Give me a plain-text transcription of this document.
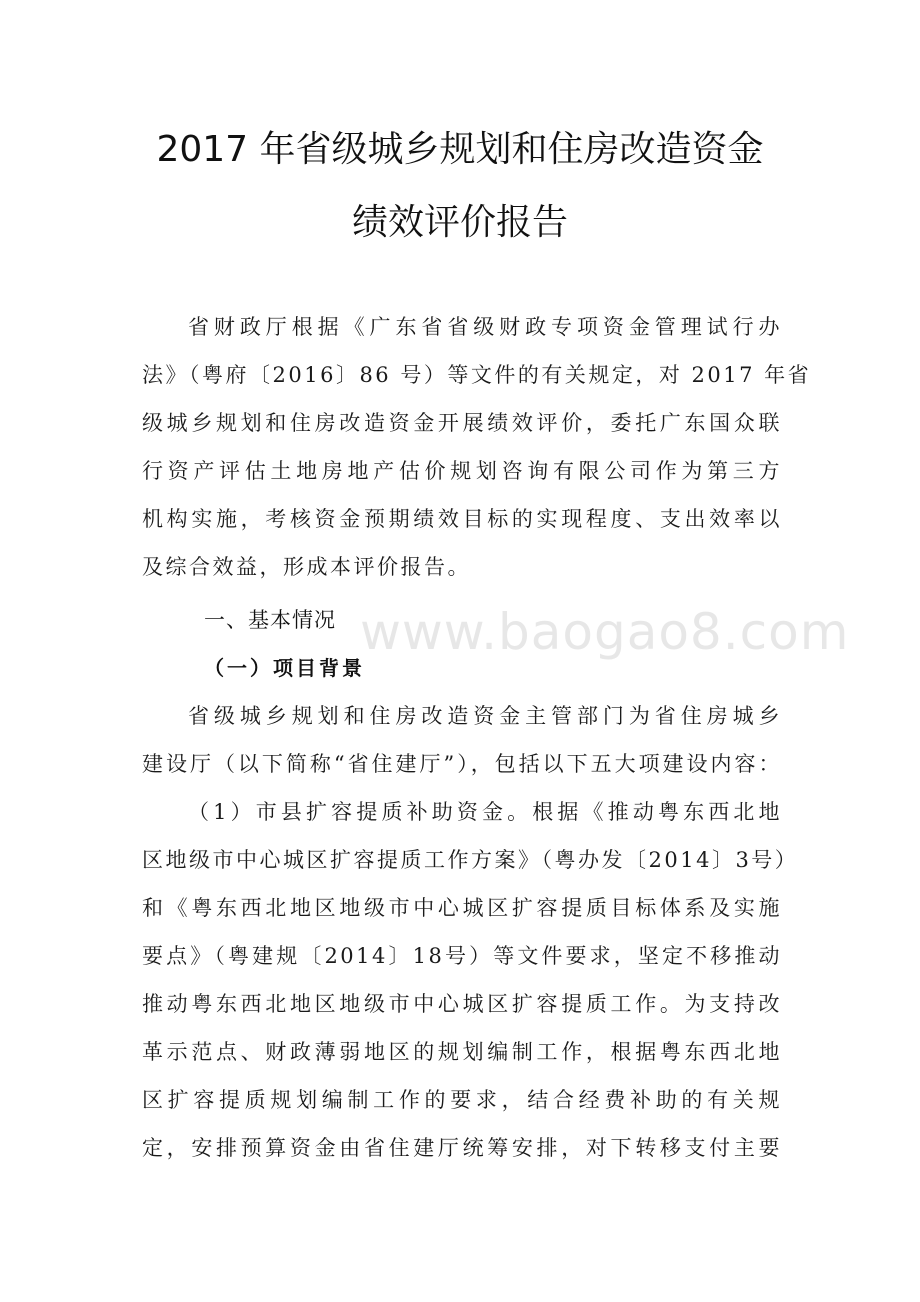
www.baogao8.com
2017 年省级城乡规划和住房改造资金
绩效评价报告
省财政厅根据《广东省省级财政专项资金管理试行办
法》（粤府〔2016〕86 号）等文件的有关规定，对 2017 年省
级城乡规划和住房改造资金开展绩效评价，委托广东国众联
行资产评估土地房地产估价规划咨询有限公司作为第三方
机构实施，考核资金预期绩效目标的实现程度、支出效率以
及综合效益，形成本评价报告。
一、基本情况
（一）项目背景
省级城乡规划和住房改造资金主管部门为省住房城乡
建设厅（以下简称“省住建厅”），包括以下五大项建设内容：
（1）市县扩容提质补助资金。根据《推动粤东西北地
区地级市中心城区扩容提质工作方案》（粤办发〔2014〕3号）
和《粤东西北地区地级市中心城区扩容提质目标体系及实施
要点》（粤建规〔2014〕18号）等文件要求，坚定不移推动
推动粤东西北地区地级市中心城区扩容提质工作。为支持改
革示范点、财政薄弱地区的规划编制工作，根据粤东西北地
区扩容提质规划编制工作的要求，结合经费补助的有关规
定，安排预算资金由省住建厅统筹安排，对下转移支付主要
